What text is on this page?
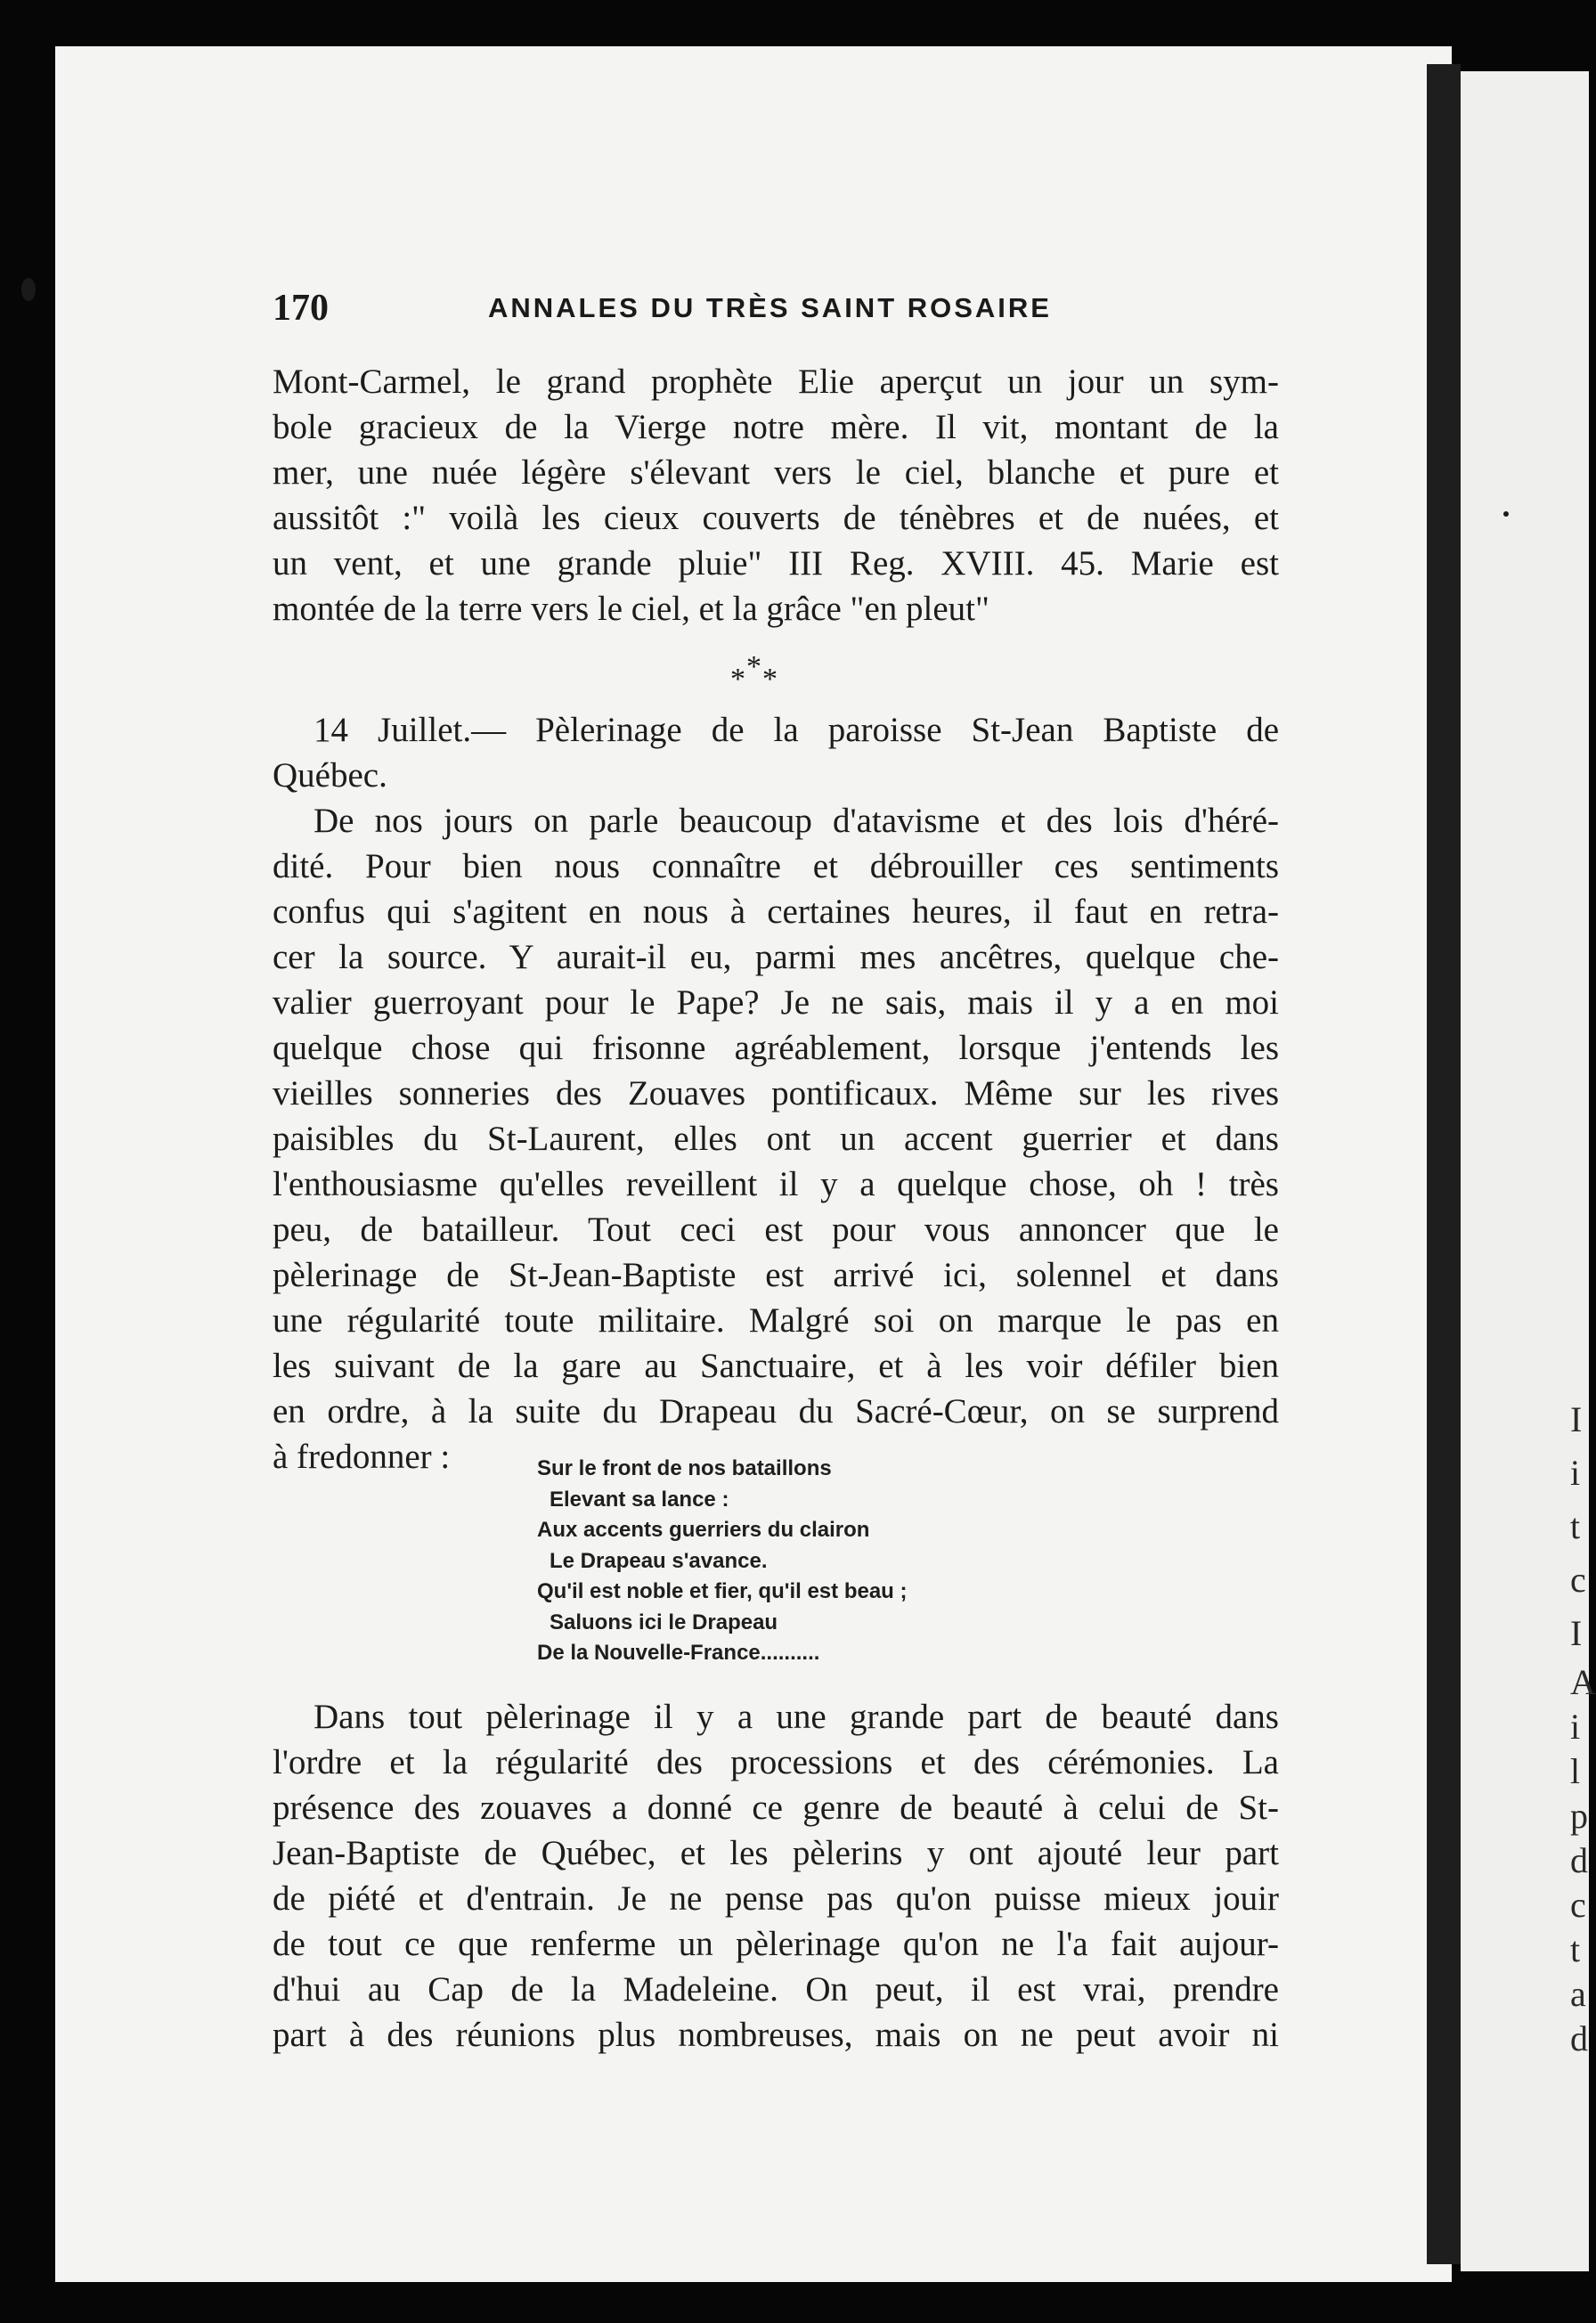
I
i
t
c
I
A
i
l
p
d
c
t
a
d
170	ANNALES DU TRÈS SAINT ROSAIRE
Mont-Carmel, le grand prophète Elie aperçut un jour un sym-
bole gracieux de la Vierge notre mère. Il vit, montant de la
mer, une nuée légère s'élevant vers le ciel, blanche et pure et
aussitôt :" voilà les cieux couverts de ténèbres et de nuées, et
un vent, et une grande pluie" III Reg. XVIII. 45. Marie est
montée de la terre vers le ciel, et la grâce "en pleut"
* * *
14 Juillet.— Pèlerinage de la paroisse St-Jean Baptiste de
Québec.
De nos jours on parle beaucoup d'atavisme et des lois d'héré-
dité. Pour bien nous connaître et débrouiller ces sentiments
confus qui s'agitent en nous à certaines heures, il faut en retra-
cer la source. Y aurait-il eu, parmi mes ancêtres, quelque che-
valier guerroyant pour le Pape? Je ne sais, mais il y a en moi
quelque chose qui frisonne agréablement, lorsque j'entends les
vieilles sonneries des Zouaves pontificaux. Même sur les rives
paisibles du St-Laurent, elles ont un accent guerrier et dans
l'enthousiasme qu'elles reveillent il y a quelque chose, oh ! très
peu, de batailleur. Tout ceci est pour vous annoncer que le
pèlerinage de St-Jean-Baptiste est arrivé ici, solennel et dans
une régularité toute militaire. Malgré soi on marque le pas en
les suivant de la gare au Sanctuaire, et à les voir défiler bien
en ordre, à la suite du Drapeau du Sacré-Cœur, on se surprend
à fredonner :	Sur le front de nos bataillons
Elevant sa lance :
Aux accents guerriers du clairon
Le Drapeau s'avance.
Qu'il est noble et fier, qu'il est beau ;
Saluons ici le Drapeau
De la Nouvelle-France..........
Dans tout pèlerinage il y a une grande part de beauté dans
l'ordre et la régularité des processions et des cérémonies. La
présence des zouaves a donné ce genre de beauté à celui de St-
Jean-Baptiste de Québec, et les pèlerins y ont ajouté leur part
de piété et d'entrain. Je ne pense pas qu'on puisse mieux jouir
de tout ce que renferme un pèlerinage qu'on ne l'a fait aujour-
d'hui au Cap de la Madeleine. On peut, il est vrai, prendre
part à des réunions plus nombreuses, mais on ne peut avoir ni
